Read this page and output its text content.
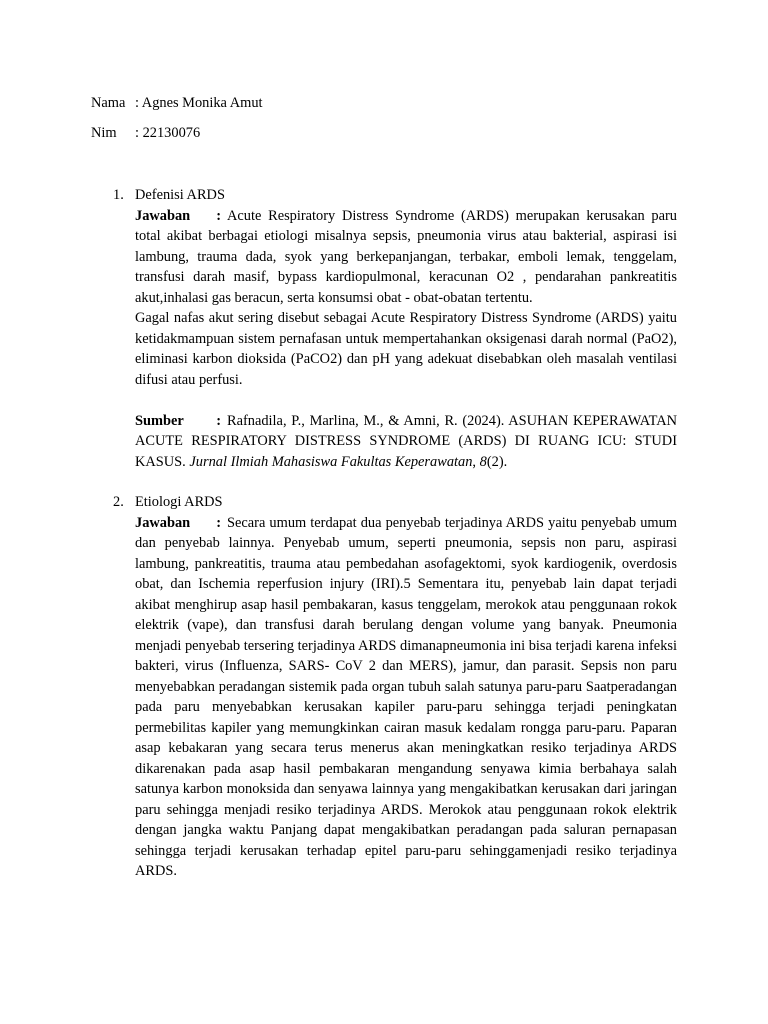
Nama : Agnes Monika Amut
Nim : 22130076
1. Defenisi ARDS

Jawaban : Acute Respiratory Distress Syndrome (ARDS) merupakan kerusakan paru total akibat berbagai etiologi misalnya sepsis, pneumonia virus atau bakterial, aspirasi isi lambung, trauma dada, syok yang berkepanjangan, terbakar, emboli lemak, tenggelam, transfusi darah masif, bypass kardiopulmonal, keracunan O2 , pendarahan pankreatitis akut,inhalasi gas beracun, serta konsumsi obat - obat-obatan tertentu.

Gagal nafas akut sering disebut sebagai Acute Respiratory Distress Syndrome (ARDS) yaitu ketidakmampuan sistem pernafasan untuk mempertahankan oksigenasi darah normal (PaO2), eliminasi karbon dioksida (PaCO2) dan pH yang adekuat disebabkan oleh masalah ventilasi difusi atau perfusi.

Sumber : Rafnadila, P., Marlina, M., & Amni, R. (2024). ASUHAN KEPERAWATAN ACUTE RESPIRATORY DISTRESS SYNDROME (ARDS) DI RUANG ICU: STUDI KASUS. Jurnal Ilmiah Mahasiswa Fakultas Keperawatan, 8(2).

2. Etiologi ARDS

Jawaban : Secara umum terdapat dua penyebab terjadinya ARDS yaitu penyebab umum dan penyebab lainnya. Penyebab umum, seperti pneumonia, sepsis non paru, aspirasi lambung, pankreatitis, trauma atau pembedahan asofagektomi, syok kardiogenik, overdosis obat, dan Ischemia reperfusion injury (IRI).5 Sementara itu, penyebab lain dapat terjadi akibat menghirup asap hasil pembakaran, kasus tenggelam, merokok atau penggunaan rokok elektrik (vape), dan transfusi darah berulang dengan volume yang banyak. Pneumonia menjadi penyebab tersering terjadinya ARDS dimanapneumonia ini bisa terjadi karena infeksi bakteri, virus (Influenza, SARS- CoV 2 dan MERS), jamur, dan parasit. Sepsis non paru menyebabkan peradangan sistemik pada organ tubuh salah satunya paru-paru Saatperadangan pada paru menyebabkan kerusakan kapiler paru-paru sehingga terjadi peningkatan permebilitas kapiler yang memungkinkan cairan masuk kedalam rongga paru-paru. Paparan asap kebakaran yang secara terus menerus akan meningkatkan resiko terjadinya ARDS dikarenakan pada asap hasil pembakaran mengandung senyawa kimia berbahaya salah satunya karbon monoksida dan senyawa lainnya yang mengakibatkan kerusakan dari jaringan paru sehingga menjadi resiko terjadinya ARDS. Merokok atau penggunaan rokok elektrik dengan jangka waktu Panjang dapat mengakibatkan peradangan pada saluran pernapasan sehingga terjadi kerusakan terhadap epitel paru-paru sehinggamenjadi resiko terjadinya ARDS.
